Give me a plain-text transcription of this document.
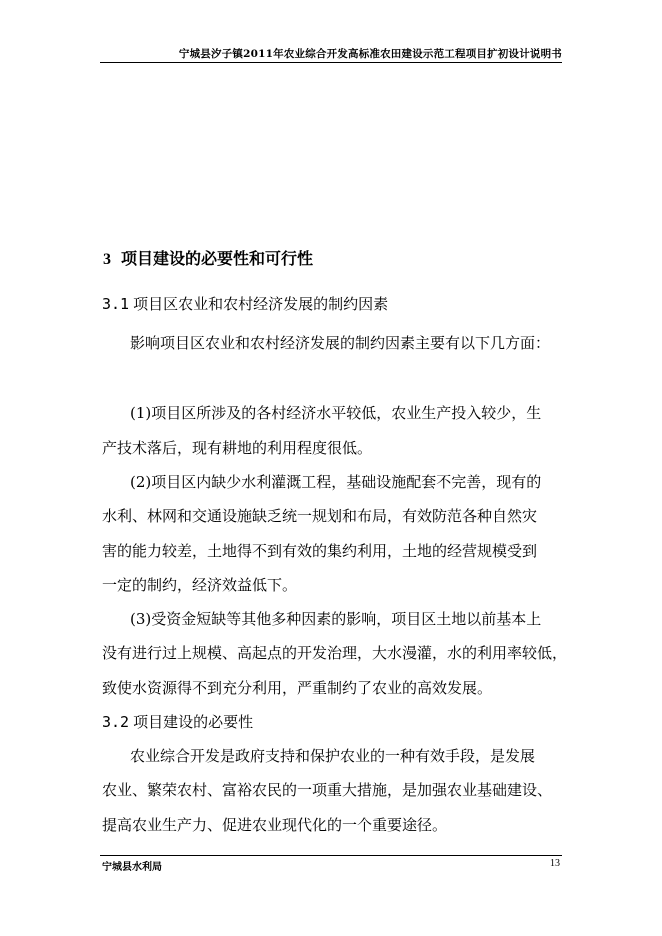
宁城县汐子镇2011年农业综合开发高标准农田建设示范工程项目扩初设计说明书
3 项目建设的必要性和可行性
3.1 项目区农业和农村经济发展的制约因素
影响项目区农业和农村经济发展的制约因素主要有以下几方面：
(1)项目区所涉及的各村经济水平较低，农业生产投入较少，生
产技术落后，现有耕地的利用程度很低。
(2)项目区内缺少水利灌溉工程，基础设施配套不完善，现有的
水利、林网和交通设施缺乏统一规划和布局，有效防范各种自然灾
害的能力较差，土地得不到有效的集约利用，土地的经营规模受到
一定的制约，经济效益低下。
(3)受资金短缺等其他多种因素的影响，项目区土地以前基本上
没有进行过上规模、高起点的开发治理，大水漫灌，水的利用率较低，
致使水资源得不到充分利用，严重制约了农业的高效发展。
3.2 项目建设的必要性
农业综合开发是政府支持和保护农业的一种有效手段，是发展
农业、繁荣农村、富裕农民的一项重大措施，是加强农业基础建设、
提高农业生产力、促进农业现代化的一个重要途径。
宁城县水利局	13
